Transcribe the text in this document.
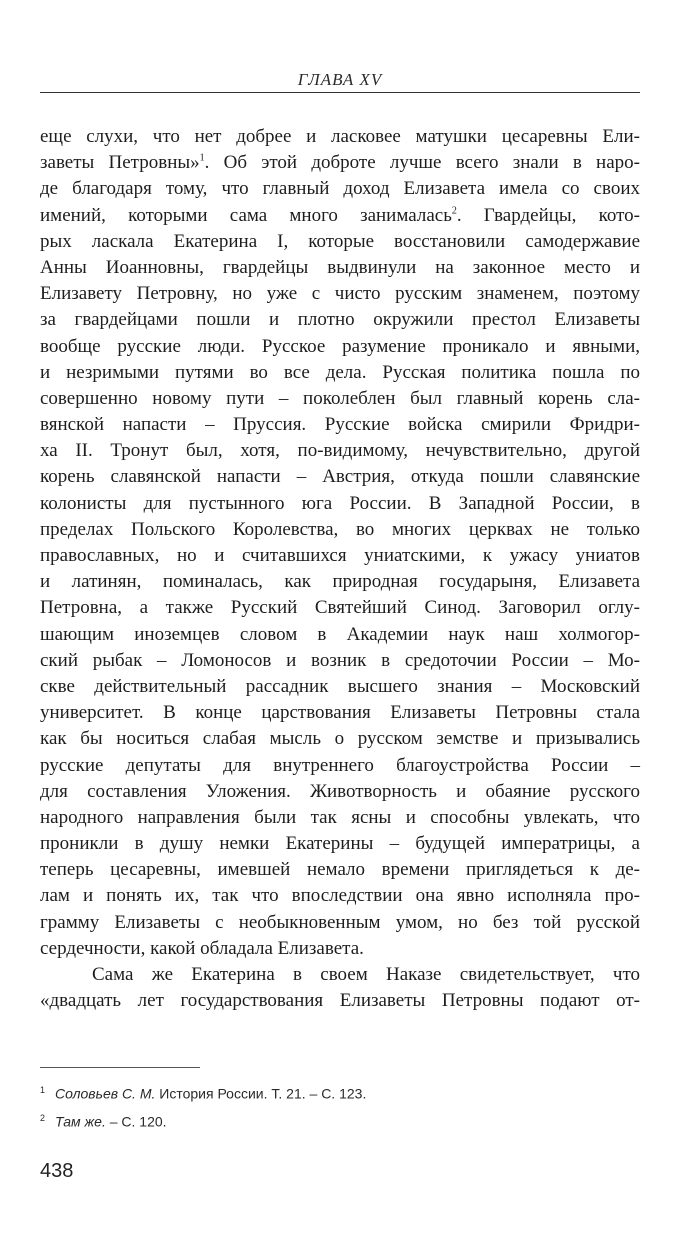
ГЛАВА XV
еще слухи, что нет добрее и ласковее матушки цесаревны Ели-
заветы Петровны»$^1$. Об этой доброте лучше всего знали в наро-
де благодаря тому, что главный доход Елизавета имела со своих
имений, которыми сама много занималась$^2$. Гвардейцы, кото-
рых ласкала Екатерина I, которые восстановили самодержавие
Анны Иоанновны, гвардейцы выдвинули на законное место и
Елизавету Петровну, но уже с чисто русским знаменем, поэтому
за гвардейцами пошли и плотно окружили престол Елизаветы
вообще русские люди. Русское разумение проникало и явными,
и незримыми путями во все дела. Русская политика пошла по
совершенно новому пути – поколеблен был главный корень сла-
вянской напасти – Пруссия. Русские войска смирили Фридри-
ха II. Тронут был, хотя, по-видимому, нечувствительно, другой
корень славянской напасти – Австрия, откуда пошли славянские
колонисты для пустынного юга России. В Западной России, в
пределах Польского Королевства, во многих церквах не только
православных, но и считавшихся униатскими, к ужасу униатов
и латинян, поминалась, как природная государыня, Елизавета
Петровна, а также Русский Святейший Синод. Заговорил оглу-
шающим иноземцев словом в Академии наук наш холмогор-
ский рыбак – Ломоносов и возник в средоточии России – Мо-
скве действительный рассадник высшего знания – Московский
университет. В конце царствования Елизаветы Петровны стала
как бы носиться слабая мысль о русском земстве и призывались
русские депутаты для внутреннего благоустройства России –
для составления Уложения. Животворность и обаяние русского
народного направления были так ясны и способны увлекать, что
проникли в душу немки Екатерины – будущей императрицы, а
теперь цесаревны, имевшей немало времени приглядеться к де-
лам и понять их, так что впоследствии она явно исполняла про-
грамму Елизаветы с необыкновенным умом, но без той русской
сердечности, какой обладала Елизавета.
Сама же Екатерина в своем Наказе свидетельствует, что
«двадцать лет государствования Елизаветы Петровны подают от-
$^1$ Соловьев С. М. История России. Т. 21. – С. 123.
$^2$ Там же. – С. 120.
438
